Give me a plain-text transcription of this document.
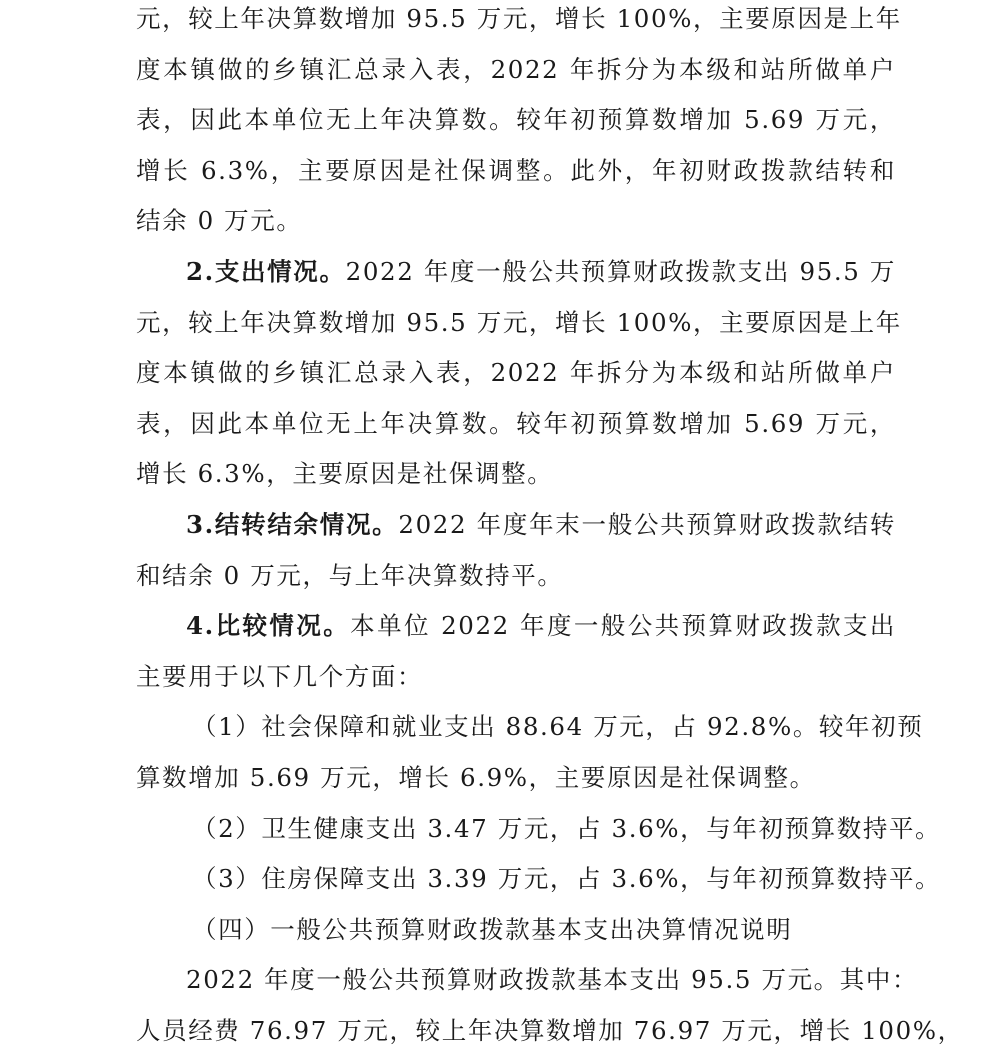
元，较上年决算数增加 95.5 万元，增长 100%，主要原因是上年
度本镇做的乡镇汇总录入表，2022 年拆分为本级和站所做单户
表，因此本单位无上年决算数。较年初预算数增加 5.69 万元，
增长 6.3%，主要原因是社保调整。此外，年初财政拨款结转和
结余 0 万元。
2.支出情况。2022 年度一般公共预算财政拨款支出 95.5 万
元，较上年决算数增加 95.5 万元，增长 100%，主要原因是上年
度本镇做的乡镇汇总录入表，2022 年拆分为本级和站所做单户
表，因此本单位无上年决算数。较年初预算数增加 5.69 万元，
增长 6.3%，主要原因是社保调整。
3.结转结余情况。2022 年度年末一般公共预算财政拨款结转
和结余 0 万元，与上年决算数持平。
4.比较情况。本单位 2022 年度一般公共预算财政拨款支出
主要用于以下几个方面：
（1）社会保障和就业支出 88.64 万元，占 92.8%。较年初预
算数增加 5.69 万元，增长 6.9%，主要原因是社保调整。
（2）卫生健康支出 3.47 万元，占 3.6%，与年初预算数持平。
（3）住房保障支出 3.39 万元，占 3.6%，与年初预算数持平。
（四）一般公共预算财政拨款基本支出决算情况说明
2022 年度一般公共预算财政拨款基本支出 95.5 万元。其中：
人员经费 76.97 万元，较上年决算数增加 76.97 万元，增长 100%，
